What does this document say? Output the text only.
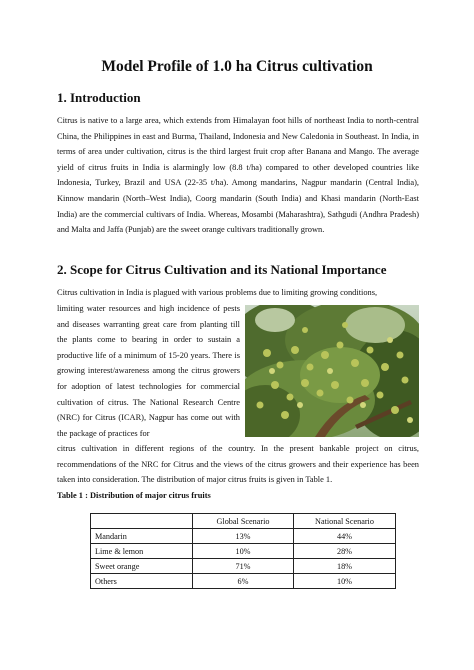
Model Profile of 1.0 ha Citrus cultivation
1. Introduction

Citrus is native to a large area, which extends from Himalayan foot hills of northeast India to north-central China, the Philippines in east and Burma, Thailand, Indonesia and New Caledonia in Southeast. In India, in terms of area under cultivation, citrus is the third largest fruit crop after Banana and Mango. The average yield of citrus fruits in India is alarmingly low (8.8 t/ha) compared to other developed countries like Indonesia, Turkey, Brazil and USA (22-35 t/ha). Among mandarins, Nagpur mandarin (Central India), Kinnow mandarin (North–West India), Coorg mandarin (South India) and Khasi mandarin (North-East India) are the commercial cultivars of India. Whereas, Mosambi (Maharashtra), Sathgudi (Andhra Pradesh) and Malta and Jaffa (Punjab) are the sweet orange cultivars traditionally grown.

2. Scope for Citrus Cultivation and its National Importance

Citrus cultivation in India is plagued with various problems due to limiting growing conditions,

limiting water resources and high incidence of pests and diseases warranting great care from planting till the plants come to bearing in order to sustain a productive life of a minimum of 15-20 years. There is growing interest/awareness among the citrus growers for adoption of latest technologies for commercial cultivation of citrus. The National Research Centre (NRC) for Citrus (ICAR), Nagpur has come out with the package of practices for

citrus cultivation in different regions of the country. In the present bankable project on citrus, recommendations of the NRC for Citrus and the views of the citrus growers and their experience has been taken into consideration. The distribution of major citrus fruits is given in Table 1.

Table 1 : Distribution of major citrus fruits

	Global Scenario	National Scenario
Mandarin	13%	44%
Lime & lemon	10%	28%
Sweet orange	71%	18%
Others	6%	10%
